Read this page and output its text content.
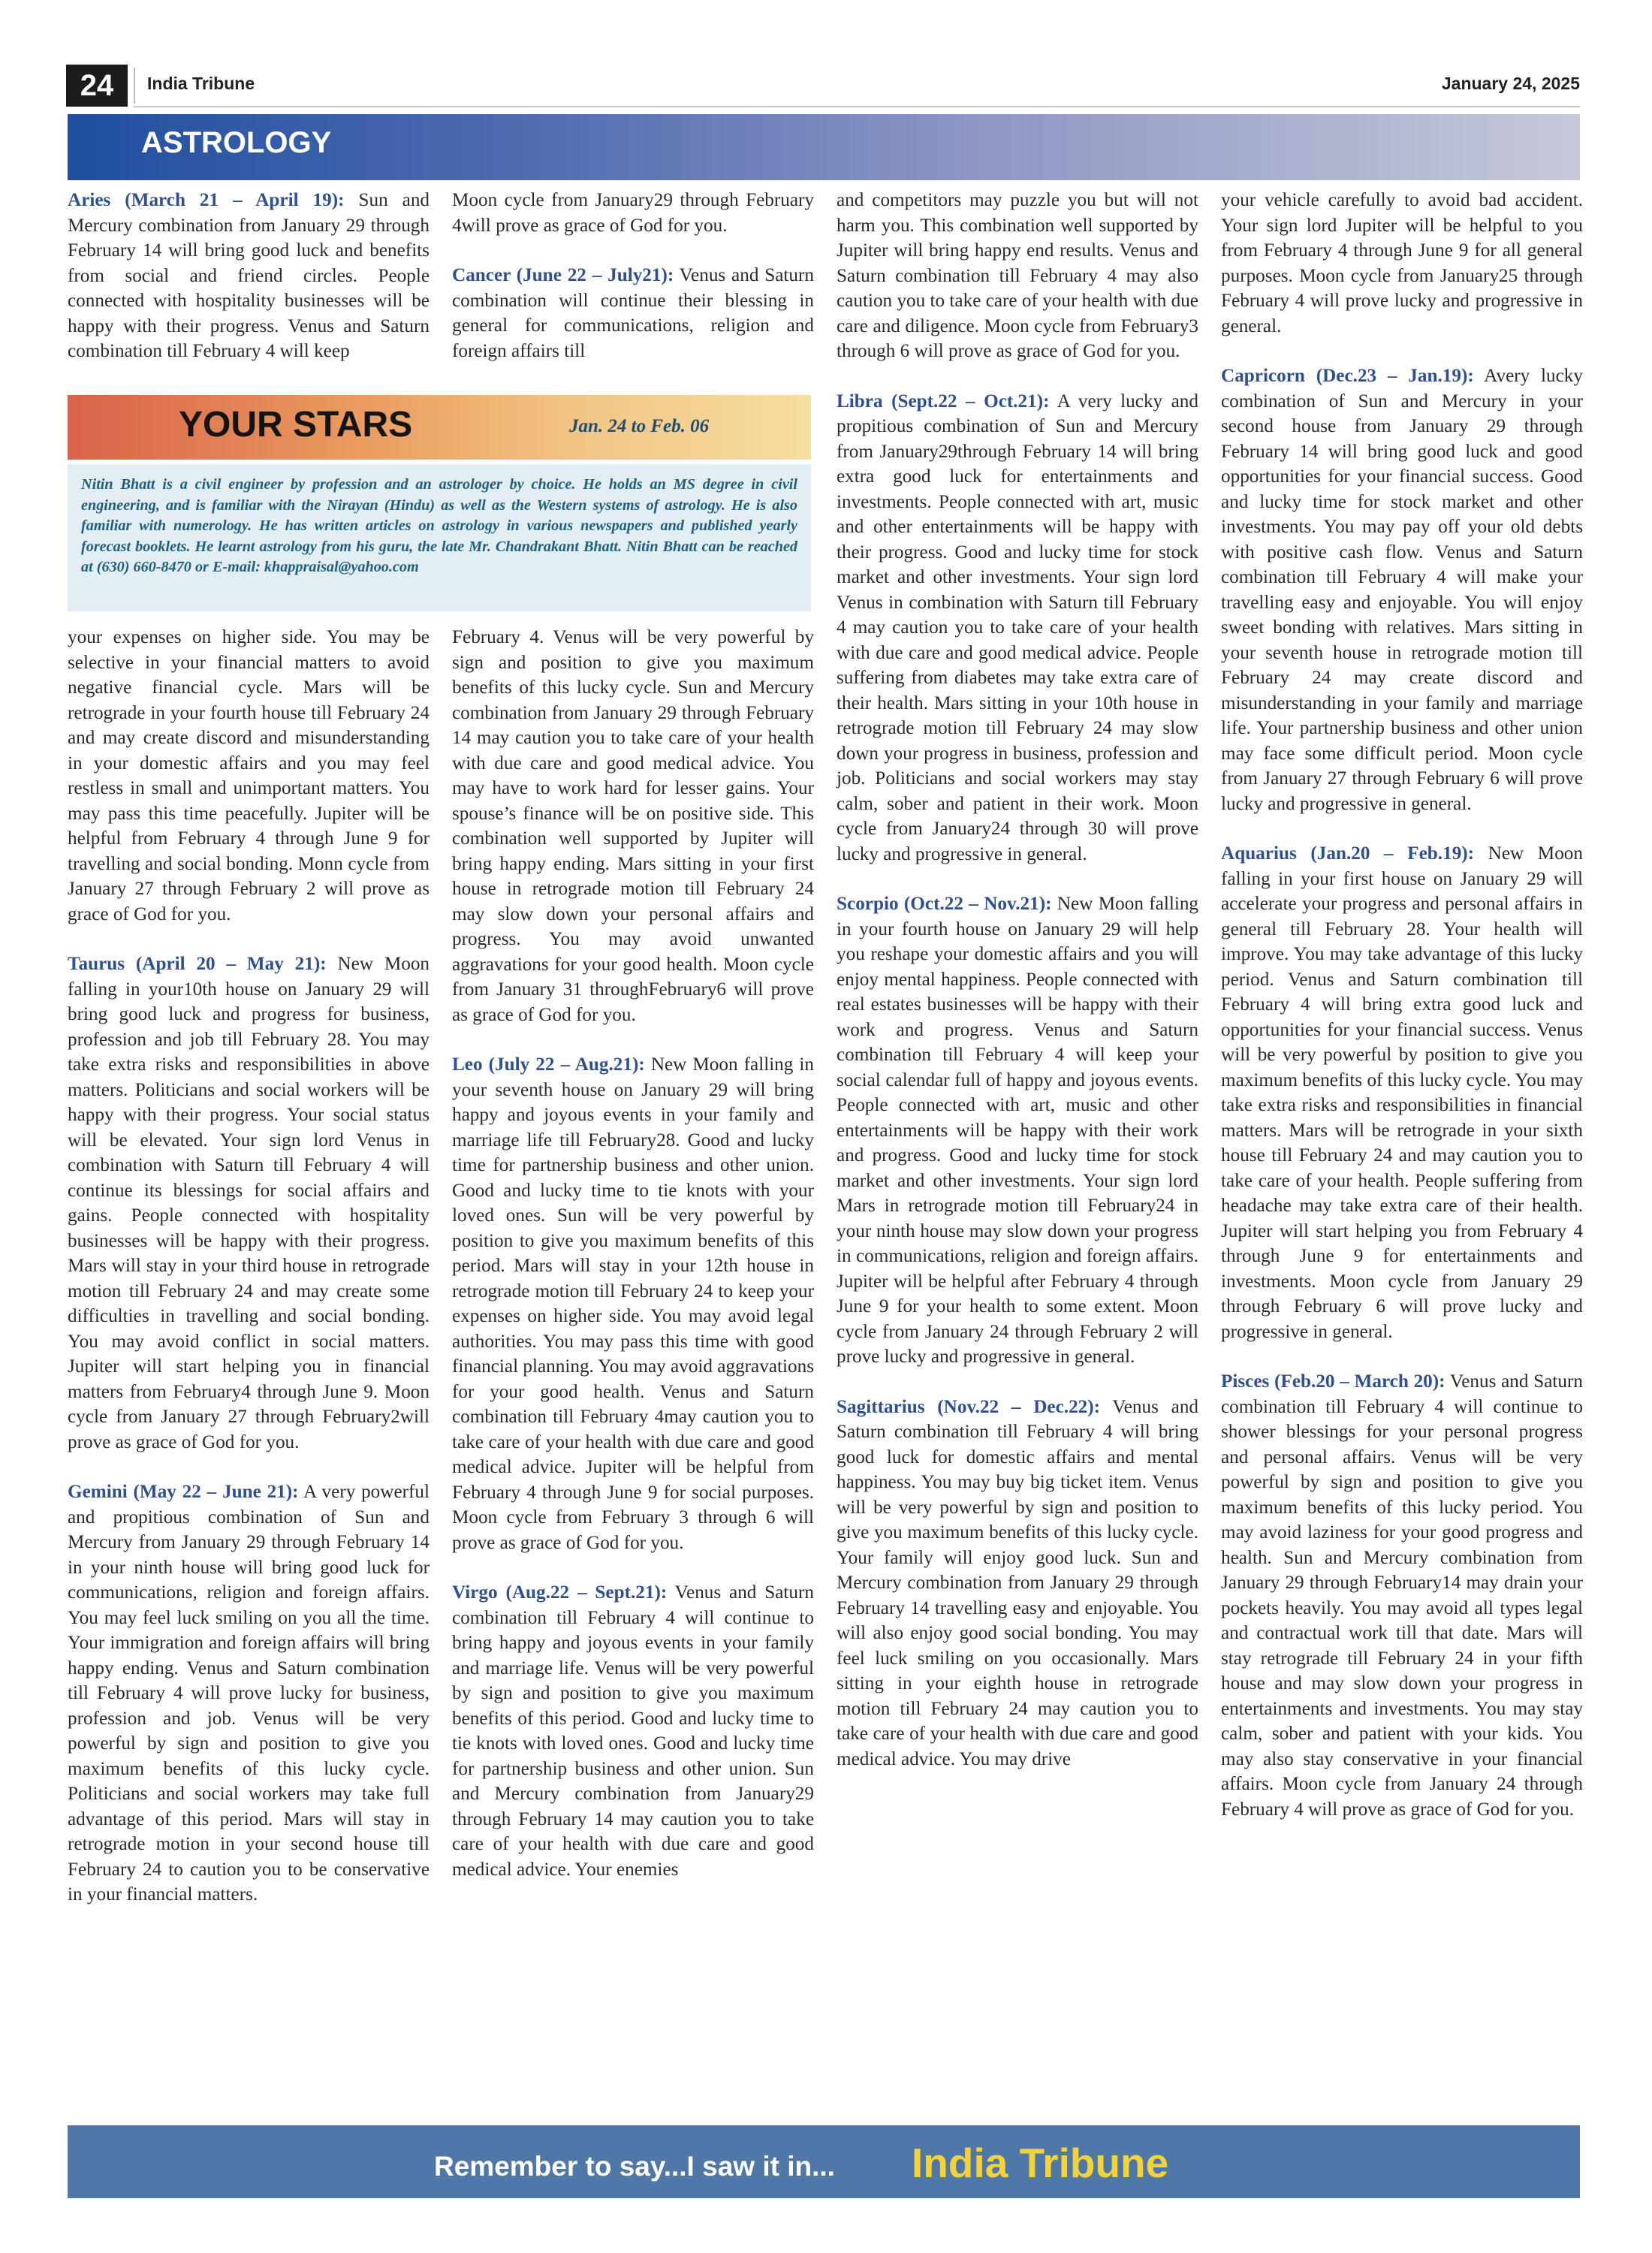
24	India Tribune	January 24, 2025
ASTROLOGY

Aries (March 21 – April 19): Sun and Mercury combination from January 29 through February 14 will bring good luck and benefits from social and friend circles. People connected with hospitality businesses will be happy with their progress. Venus and Saturn combination till February 4 will keep

Moon cycle from January29 through February 4will prove as grace of God for you.

Cancer (June 22 – July21): Venus and Saturn combination will continue their blessing in general for communications, religion and foreign affairs till

YOUR STARS	Jan. 24 to Feb. 06
Nitin Bhatt is a civil engineer by profession and an astrologer by choice. He holds an MS degree in civil engineering, and is familiar with the Nirayan (Hindu) as well as the Western systems of astrology. He is also familiar with numerology. He has written articles on astrology in various newspapers and published yearly forecast booklets. He learnt astrology from his guru, the late Mr. Chandrakant Bhatt. Nitin Bhatt can be reached at (630) 660-8470 or E-mail: khappraisal@yahoo.com

your expenses on higher side. You may be selective in your financial matters to avoid negative financial cycle. Mars will be retrograde in your fourth house till February 24 and may create discord and misunderstanding in your domestic affairs and you may feel restless in small and unimportant matters. You may pass this time peacefully. Jupiter will be helpful from February 4 through June 9 for travelling and social bonding. Monn cycle from January 27 through February 2 will prove as grace of God for you.

Taurus (April 20 – May 21): New Moon falling in your10th house on January 29 will bring good luck and progress for business, profession and job till February 28. You may take extra risks and responsibilities in above matters. Politicians and social workers will be happy with their progress. Your social status will be elevated. Your sign lord Venus in combination with Saturn till February 4 will continue its blessings for social affairs and gains. People connected with hospitality businesses will be happy with their progress. Mars will stay in your third house in retrograde motion till February 24 and may create some difficulties in travelling and social bonding. You may avoid conflict in social matters. Jupiter will start helping you in financial matters from February4 through June 9. Moon cycle from January 27 through February2will prove as grace of God for you.

Gemini (May 22 – June 21): A very powerful and propitious combination of Sun and Mercury from January 29 through February 14 in your ninth house will bring good luck for communications, religion and foreign affairs. You may feel luck smiling on you all the time. Your immigration and foreign affairs will bring happy ending. Venus and Saturn combination till February 4 will prove lucky for business, profession and job. Venus will be very powerful by sign and position to give you maximum benefits of this lucky cycle. Politicians and social workers may take full advantage of this period. Mars will stay in retrograde motion in your second house till February 24 to caution you to be conservative in your financial matters.

February 4. Venus will be very powerful by sign and position to give you maximum benefits of this lucky cycle. Sun and Mercury combination from January 29 through February 14 may caution you to take care of your health with due care and good medical advice. You may have to work hard for lesser gains. Your spouse’s finance will be on positive side. This combination well supported by Jupiter will bring happy ending. Mars sitting in your first house in retrograde motion till February 24 may slow down your personal affairs and progress. You may avoid unwanted aggravations for your good health. Moon cycle from January 31 throughFebruary6 will prove as grace of God for you.

Leo (July 22 – Aug.21): New Moon falling in your seventh house on January 29 will bring happy and joyous events in your family and marriage life till February28. Good and lucky time for partnership business and other union. Good and lucky time to tie knots with your loved ones. Sun will be very powerful by position to give you maximum benefits of this period. Mars will stay in your 12th house in retrograde motion till February 24 to keep your expenses on higher side. You may avoid legal authorities. You may pass this time with good financial planning. You may avoid aggravations for your good health. Venus and Saturn combination till February 4may caution you to take care of your health with due care and good medical advice. Jupiter will be helpful from February 4 through June 9 for social purposes. Moon cycle from February 3 through 6 will prove as grace of God for you.

Virgo (Aug.22 – Sept.21): Venus and Saturn combination till February 4 will continue to bring happy and joyous events in your family and marriage life. Venus will be very powerful by sign and position to give you maximum benefits of this period. Good and lucky time to tie knots with loved ones. Good and lucky time for partnership business and other union. Sun and Mercury combination from January29 through February 14 may caution you to take care of your health with due care and good medical advice. Your enemies

and competitors may puzzle you but will not harm you. This combination well supported by Jupiter will bring happy end results. Venus and Saturn combination till February 4 may also caution you to take care of your health with due care and diligence. Moon cycle from February3 through 6 will prove as grace of God for you.

Libra (Sept.22 – Oct.21): A very lucky and propitious combination of Sun and Mercury from January29through February 14 will bring extra good luck for entertainments and investments. People connected with art, music and other entertainments will be happy with their progress. Good and lucky time for stock market and other investments. Your sign lord Venus in combination with Saturn till February 4 may caution you to take care of your health with due care and good medical advice. People suffering from diabetes may take extra care of their health. Mars sitting in your 10th house in retrograde motion till February 24 may slow down your progress in business, profession and job. Politicians and social workers may stay calm, sober and patient in their work. Moon cycle from January24 through 30 will prove lucky and progressive in general.

Scorpio (Oct.22 – Nov.21): New Moon falling in your fourth house on January 29 will help you reshape your domestic affairs and you will enjoy mental happiness. People connected with real estates businesses will be happy with their work and progress. Venus and Saturn combination till February 4 will keep your social calendar full of happy and joyous events. People connected with art, music and other entertainments will be happy with their work and progress. Good and lucky time for stock market and other investments. Your sign lord Mars in retrograde motion till February24 in your ninth house may slow down your progress in communications, religion and foreign affairs. Jupiter will be helpful after February 4 through June 9 for your health to some extent. Moon cycle from January 24 through February 2 will prove lucky and progressive in general.

Sagittarius (Nov.22 – Dec.22): Venus and Saturn combination till February 4 will bring good luck for domestic affairs and mental happiness. You may buy big ticket item. Venus will be very powerful by sign and position to give you maximum benefits of this lucky cycle. Your family will enjoy good luck. Sun and Mercury combination from January 29 through February 14 travelling easy and enjoyable. You will also enjoy good social bonding. You may feel luck smiling on you occasionally. Mars sitting in your eighth house in retrograde motion till February 24 may caution you to take care of your health with due care and good medical advice. You may drive

your vehicle carefully to avoid bad accident. Your sign lord Jupiter will be helpful to you from February 4 through June 9 for all general purposes. Moon cycle from January25 through February 4 will prove lucky and progressive in general.

Capricorn (Dec.23 – Jan.19): Avery lucky combination of Sun and Mercury in your second house from January 29 through February 14 will bring good luck and good opportunities for your financial success. Good and lucky time for stock market and other investments. You may pay off your old debts with positive cash flow. Venus and Saturn combination till February 4 will make your travelling easy and enjoyable. You will enjoy sweet bonding with relatives. Mars sitting in your seventh house in retrograde motion till February 24 may create discord and misunderstanding in your family and marriage life. Your partnership business and other union may face some difficult period. Moon cycle from January 27 through February 6 will prove lucky and progressive in general.

Aquarius (Jan.20 – Feb.19): New Moon falling in your first house on January 29 will accelerate your progress and personal affairs in general till February 28. Your health will improve. You may take advantage of this lucky period. Venus and Saturn combination till February 4 will bring extra good luck and opportunities for your financial success. Venus will be very powerful by position to give you maximum benefits of this lucky cycle. You may take extra risks and responsibilities in financial matters. Mars will be retrograde in your sixth house till February 24 and may caution you to take care of your health. People suffering from headache may take extra care of their health. Jupiter will start helping you from February 4 through June 9 for entertainments and investments. Moon cycle from January 29 through February 6 will prove lucky and progressive in general.

Pisces (Feb.20 – March 20): Venus and Saturn combination till February 4 will continue to shower blessings for your personal progress and personal affairs. Venus will be very powerful by sign and position to give you maximum benefits of this lucky period. You may avoid laziness for your good progress and health. Sun and Mercury combination from January 29 through February14 may drain your pockets heavily. You may avoid all types legal and contractual work till that date. Mars will stay retrograde till February 24 in your fifth house and may slow down your progress in entertainments and investments. You may stay calm, sober and patient with your kids. You may also stay conservative in your financial affairs. Moon cycle from January 24 through February 4 will prove as grace of God for you.

Remember to say...I saw it in... India Tribune
